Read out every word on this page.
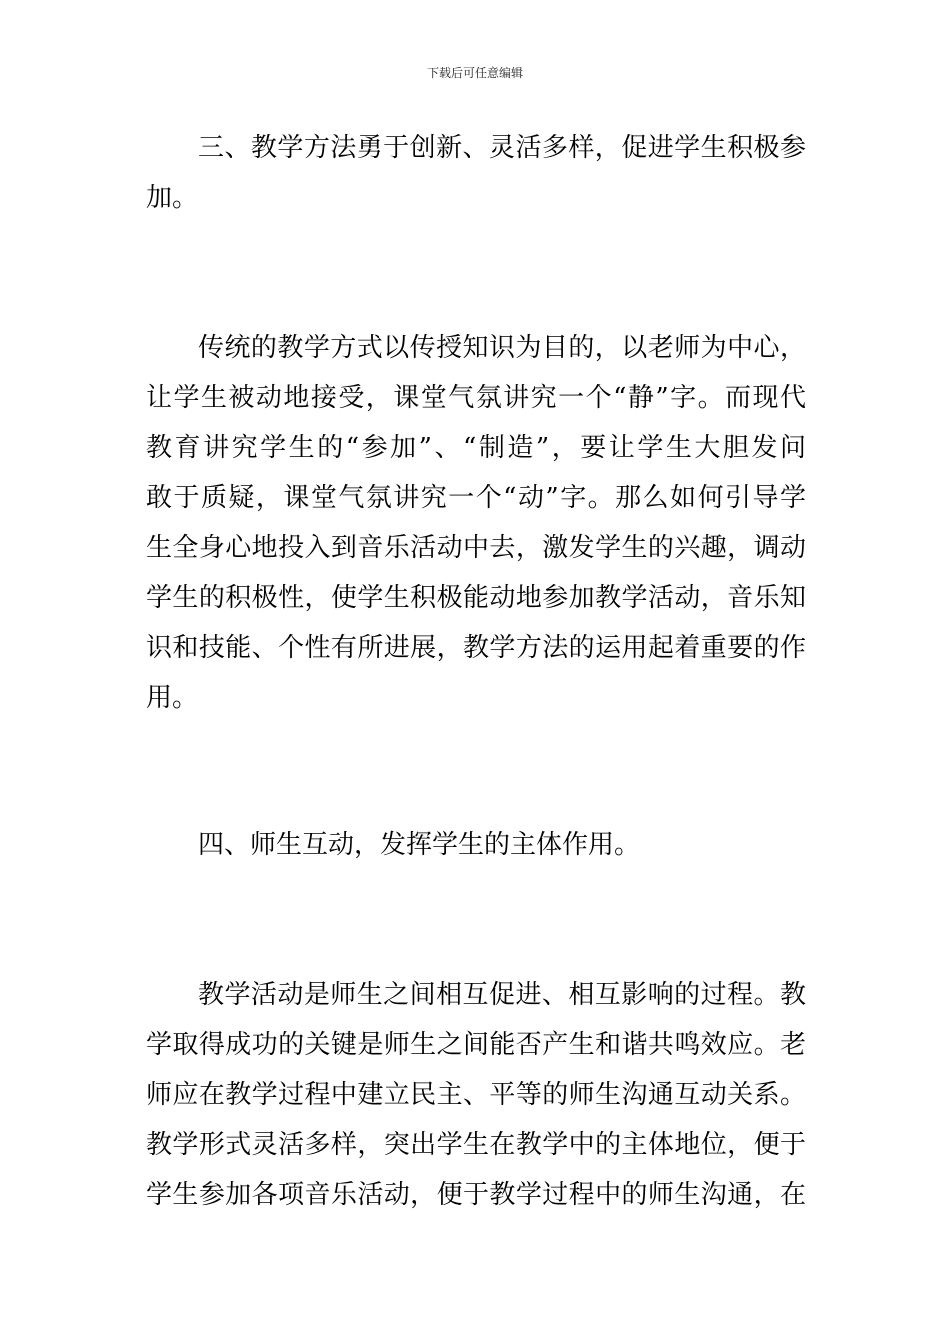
下载后可任意编辑
三、教学方法勇于创新、灵活多样，促进学生积极参
加。
传统的教学方式以传授知识为目的，以老师为中心，
让学生被动地接受，课堂气氛讲究一个“静”字。而现代
教育讲究学生的“参加”、“制造”，要让学生大胆发问
敢于质疑，课堂气氛讲究一个“动”字。那么如何引导学
生全身心地投入到音乐活动中去，激发学生的兴趣，调动
学生的积极性，使学生积极能动地参加教学活动，音乐知
识和技能、个性有所进展，教学方法的运用起着重要的作
用。
四、师生互动，发挥学生的主体作用。
教学活动是师生之间相互促进、相互影响的过程。教
学取得成功的关键是师生之间能否产生和谐共鸣效应。老
师应在教学过程中建立民主、平等的师生沟通互动关系。
教学形式灵活多样，突出学生在教学中的主体地位，便于
学生参加各项音乐活动，便于教学过程中的师生沟通，在
